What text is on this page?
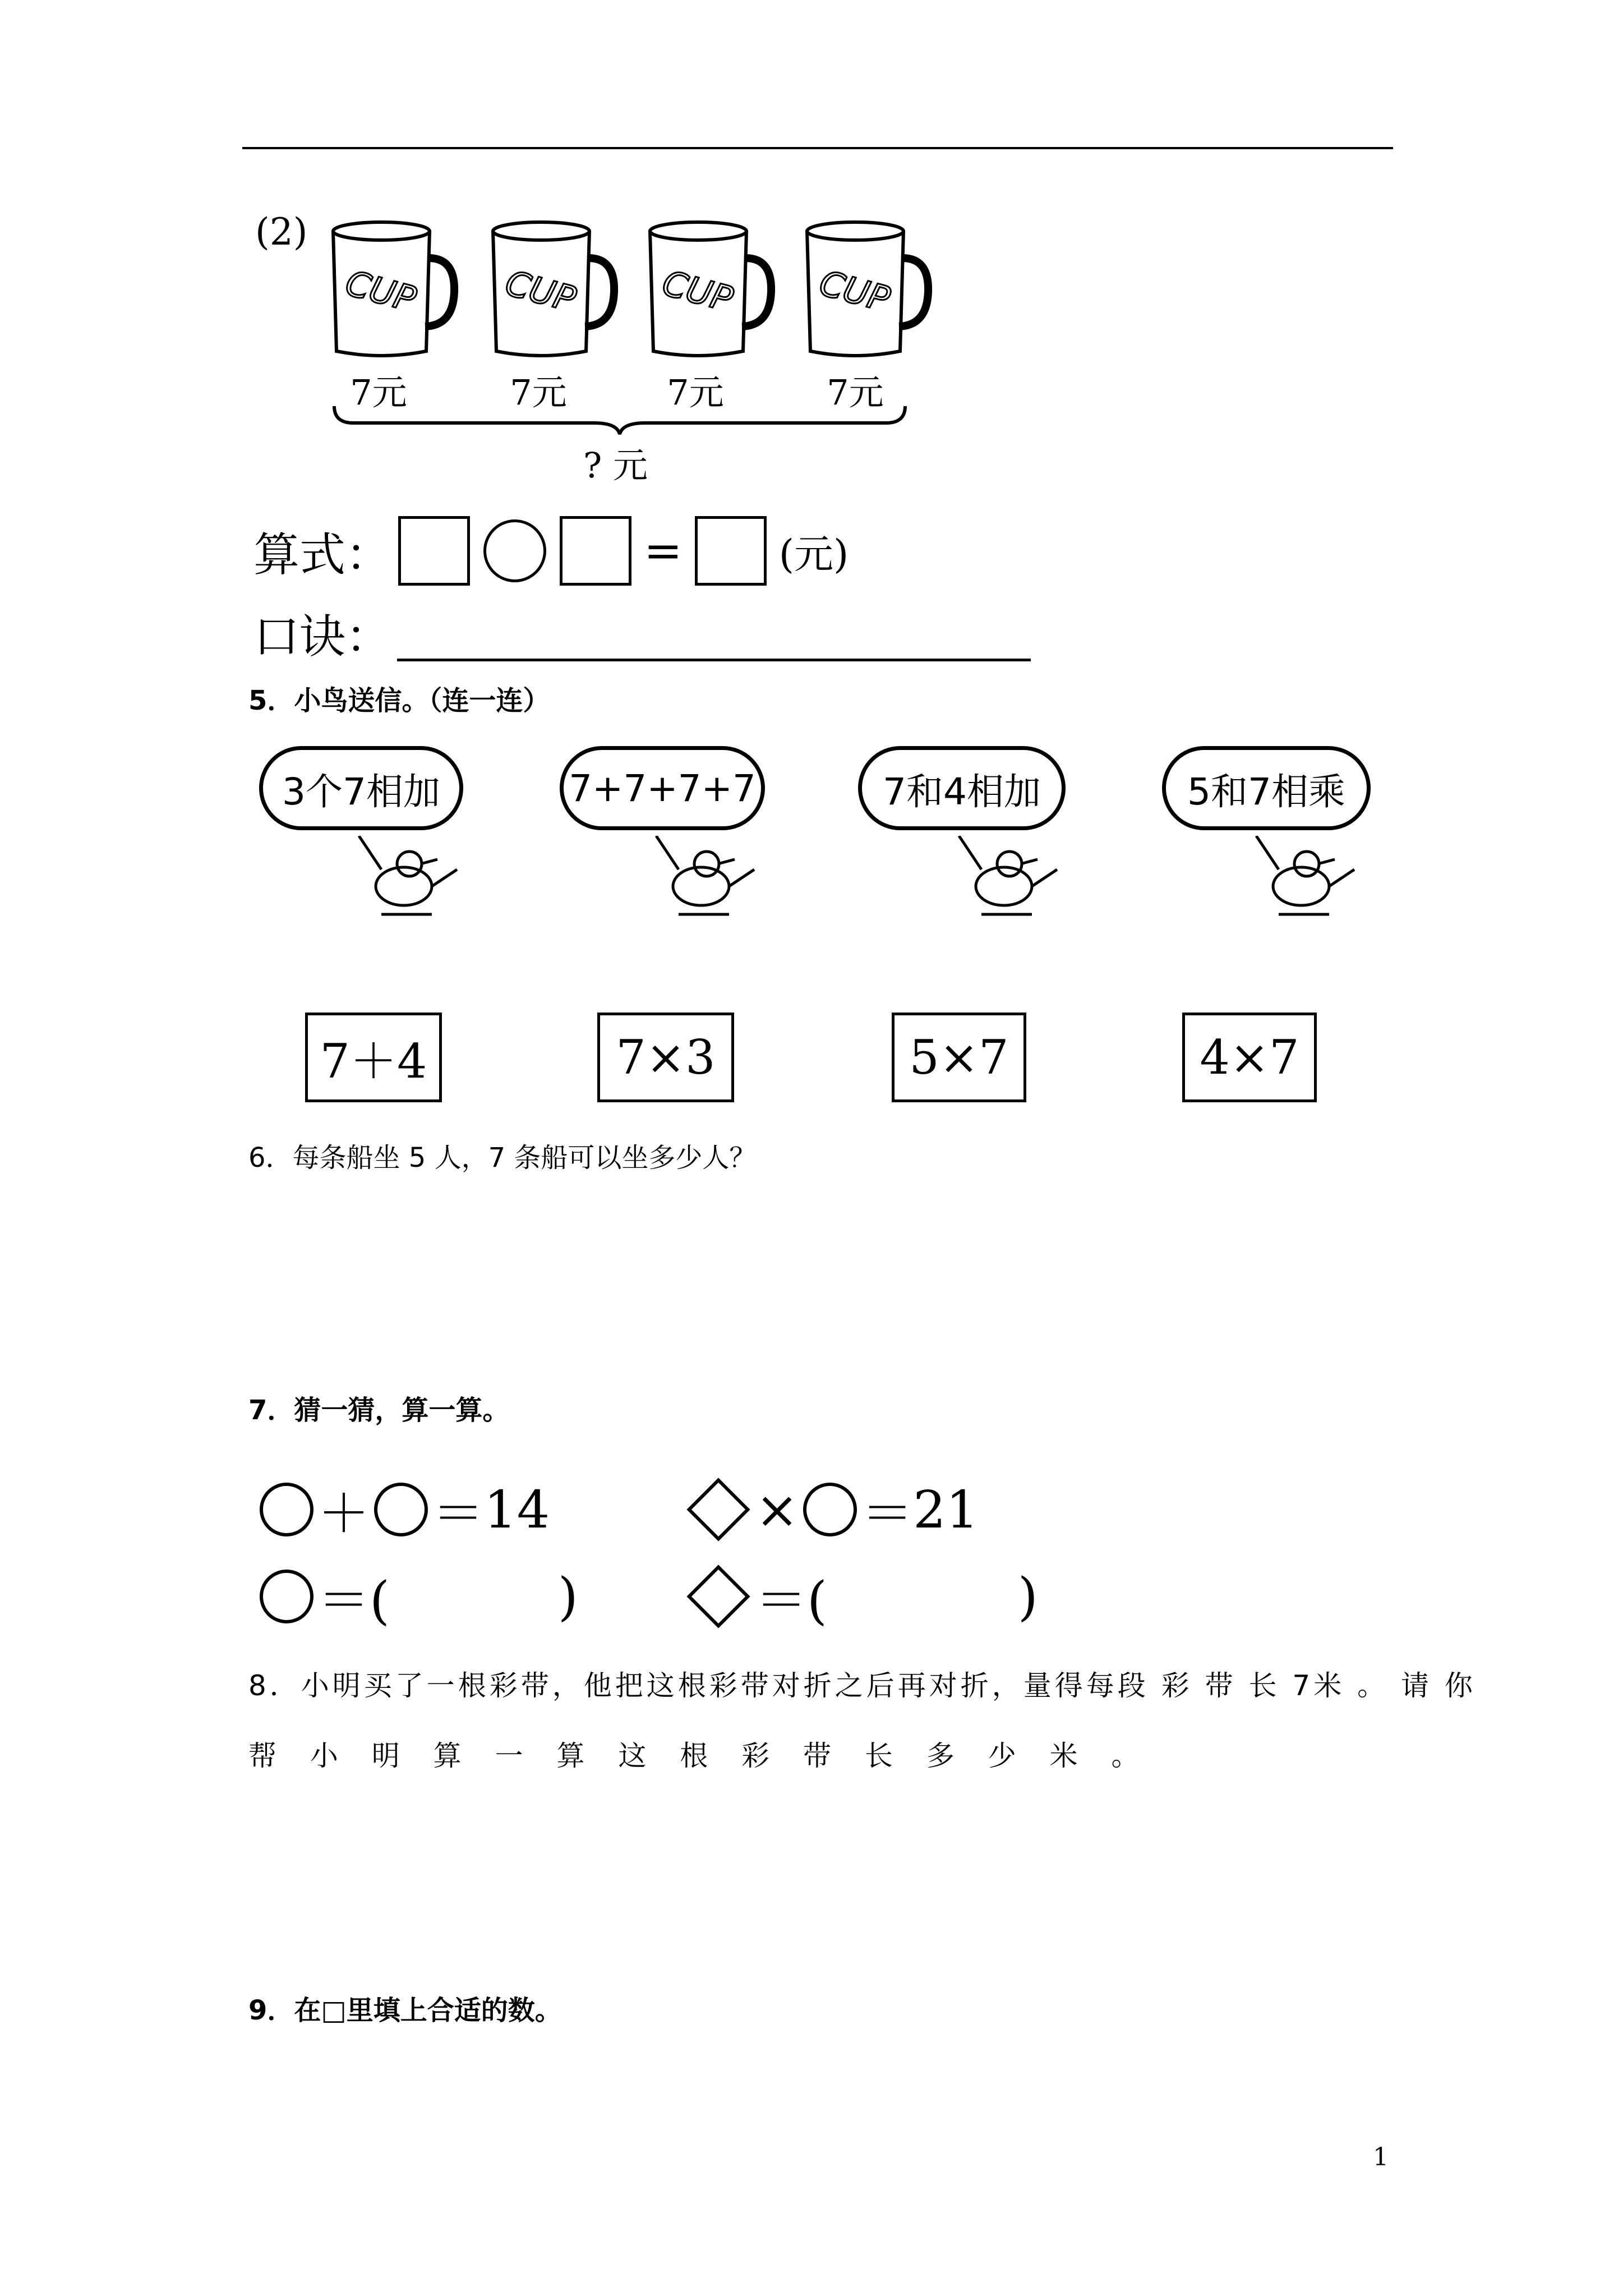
(2)
CUP CUP CUP CUP
7元	7元	7元	7元
? 元
算式：	= (元)
口诀：
5．小鸟送信。（连一连）
3个7相加	7+7+7+7	7和4相加	5和7相乘
7＋4	7×3	5×7	4×7
6．每条船坐 5 人，7 条船可以坐多少人？
7．猜一猜，算一算。
＋ ＝ 14	× ＝ 21
＝(	)	＝(	)
8．小明买了一根彩带，他把这根彩带对折之后再对折，量得每段 彩 带 长 7米 。 请 你
帮 小 明 算 一 算 这 根 彩 带 长 多 少 米 。
9．在□里填上合适的数。
1
